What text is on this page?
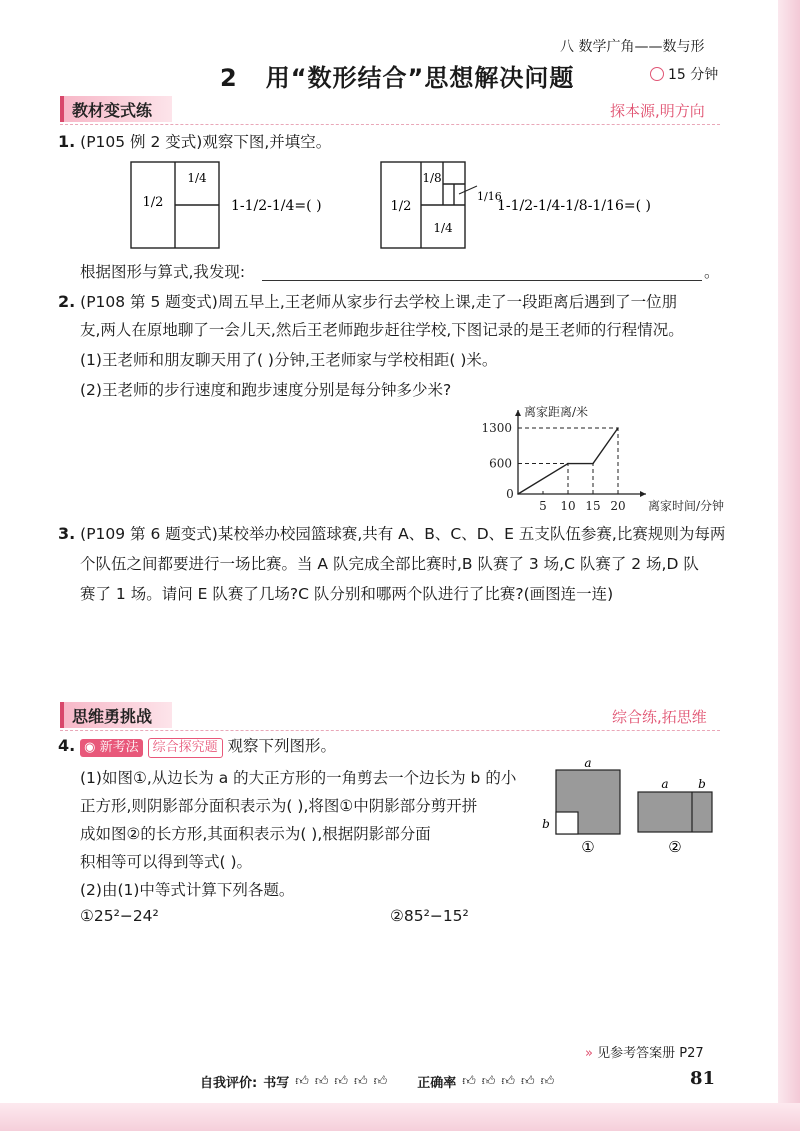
八 数学广角——数与形
2 用“数形结合”思想解决问题	15 分钟
教材变式练	探本源,明方向
1. (P105 例 2 变式)观察下图,并填空。
1/2
1/4
1-1/2-1/4=( )	1/2
1/8
1/16
1/4
1-1/2-1/4-1/8-1/16=( )
根据图形与算式,我发现:	。
2. (P108 第 5 题变式)周五早上,王老师从家步行去学校上课,走了一段距离后遇到了一位朋
友,两人在原地聊了一会儿天,然后王老师跑步赶往学校,下图记录的是王老师的行程情况。
(1)王老师和朋友聊天用了( )分钟,王老师家与学校相距( )米。
(2)王老师的步行速度和跑步速度分别是每分钟多少米?
离家距离/米
离家时间/分钟
600
1300
0
5 10 15 20
3. (P109 第 6 题变式)某校举办校园篮球赛,共有 A、B、C、D、E 五支队伍参赛,比赛规则为每两
个队伍之间都要进行一场比赛。当 A 队完成全部比赛时,B 队赛了 3 场,C 队赛了 2 场,D 队
赛了 1 场。请问 E 队赛了几场?C 队分别和哪两个队进行了比赛?(画图连一连)
思维勇挑战	综合练,拓思维
4. ◉ 新考法 综合探究题 观察下列图形。
(1)如图①,从边长为 a 的大正方形的一角剪去一个边长为 b 的小
正方形,则阴影部分面积表示为( ),将图①中阴影部分剪开拼
成如图②的长方形,其面积表示为( ),根据阴影部分面
积相等可以得到等式( )。
(2)由(1)中等式计算下列各题。
①25²−24²	②85²−15²
a
b
①
a b
②
» 见参考答案册 P27
自我评价: 书写 👍︎ 👍︎ 👍︎ 👍︎ 👍︎ 正确率 👍︎ 👍︎ 👍︎ 👍︎ 👍︎	81
